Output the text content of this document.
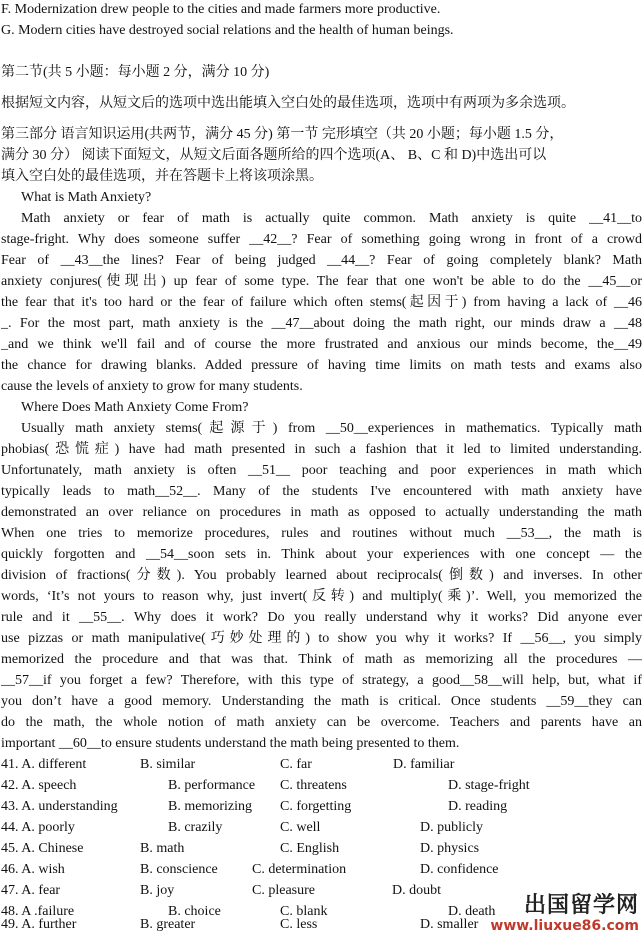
F. Modernization drew people to the cities and made farmers more productive.
G. Modern cities have destroyed social relations and the health of human beings.
第二节(共 5 小题：每小题 2 分，满分 10 分)
根据短文内容，从短文后的选项中选出能填入空白处的最佳选项，选项中有两项为多余选项。
第三部分 语言知识运用(共两节，满分 45 分) 第一节 完形填空（共 20 小题；每小题 1.5 分，
满分 30 分） 阅读下面短文，从短文后面各题所给的四个选项(A、 B、C 和 D)中选出可以
填入空白处的最佳选项，并在答题卡上将该项涂黑。
What is Math Anxiety?
Math anxiety or fear of math is actually quite common. Math anxiety is quite __41__to
stage-fright. Why does someone suffer __42__? Fear of something going wrong in front of a crowd
Fear of __43__the lines? Fear of being judged __44__? Fear of going completely blank? Math
anxiety conjures(使现出) up fear of some type. The fear that one won't be able to do the __45__or
the fear that it's too hard or the fear of failure which often stems(起因于) from having a lack of __46
_. For the most part, math anxiety is the __47__about doing the math right, our minds draw a __48
_and we think we'll fail and of course the more frustrated and anxious our minds become, the__49
the chance for drawing blanks. Added pressure of having time limits on math tests and exams also
cause the levels of anxiety to grow for many students.
Where Does Math Anxiety Come From?
Usually math anxiety stems(起源于) from __50__experiences in mathematics. Typically math
phobias(恐慌症) have had math presented in such a fashion that it led to limited understanding.
Unfortunately, math anxiety is often __51__ poor teaching and poor experiences in math which
typically leads to math__52__. Many of the students I've encountered with math anxiety have
demonstrated an over reliance on procedures in math as opposed to actually understanding the math
When one tries to memorize procedures, rules and routines without much __53__, the math is
quickly forgotten and __54__soon sets in. Think about your experiences with one concept — the
division of fractions(分数). You probably learned about reciprocals(倒数) and inverses. In other
words, ‘It’s not yours to reason why, just invert(反转) and multiply(乘)’. Well, you memorized the
rule and it __55__. Why does it work? Do you really understand why it works? Did anyone ever
use pizzas or math manipulative(巧妙处理的) to show you why it works? If __56__, you simply
memorized the procedure and that was that. Think of math as memorizing all the procedures —
__57__if you forget a few? Therefore, with this type of strategy, a good__58__will help, but, what if
you don’t have a good memory. Understanding the math is critical. Once students __59__they can
do the math, the whole notion of math anxiety can be overcome. Teachers and parents have an
important __60__to ensure students understand the math being presented to them.
41. A. different	B. similar	C. far	D. familiar
42. A. speech	B. performance C. threatens	D. stage-fright
43. A. understanding	B. memorizing C. forgetting	D. reading
44. A. poorly	B. crazily	C. well	D. publicly
45. A. Chinese	B. math	C. English	D. physics
46. A. wish	B. conscience C. determination	D. confidence
47. A. fear	B. joy	C. pleasure	D. doubt
48. A .failure	B. choice	C. blank	D. death
49. A. further	B. greater	C. less	D. smaller
出国留学网
www.liuxue86.com
